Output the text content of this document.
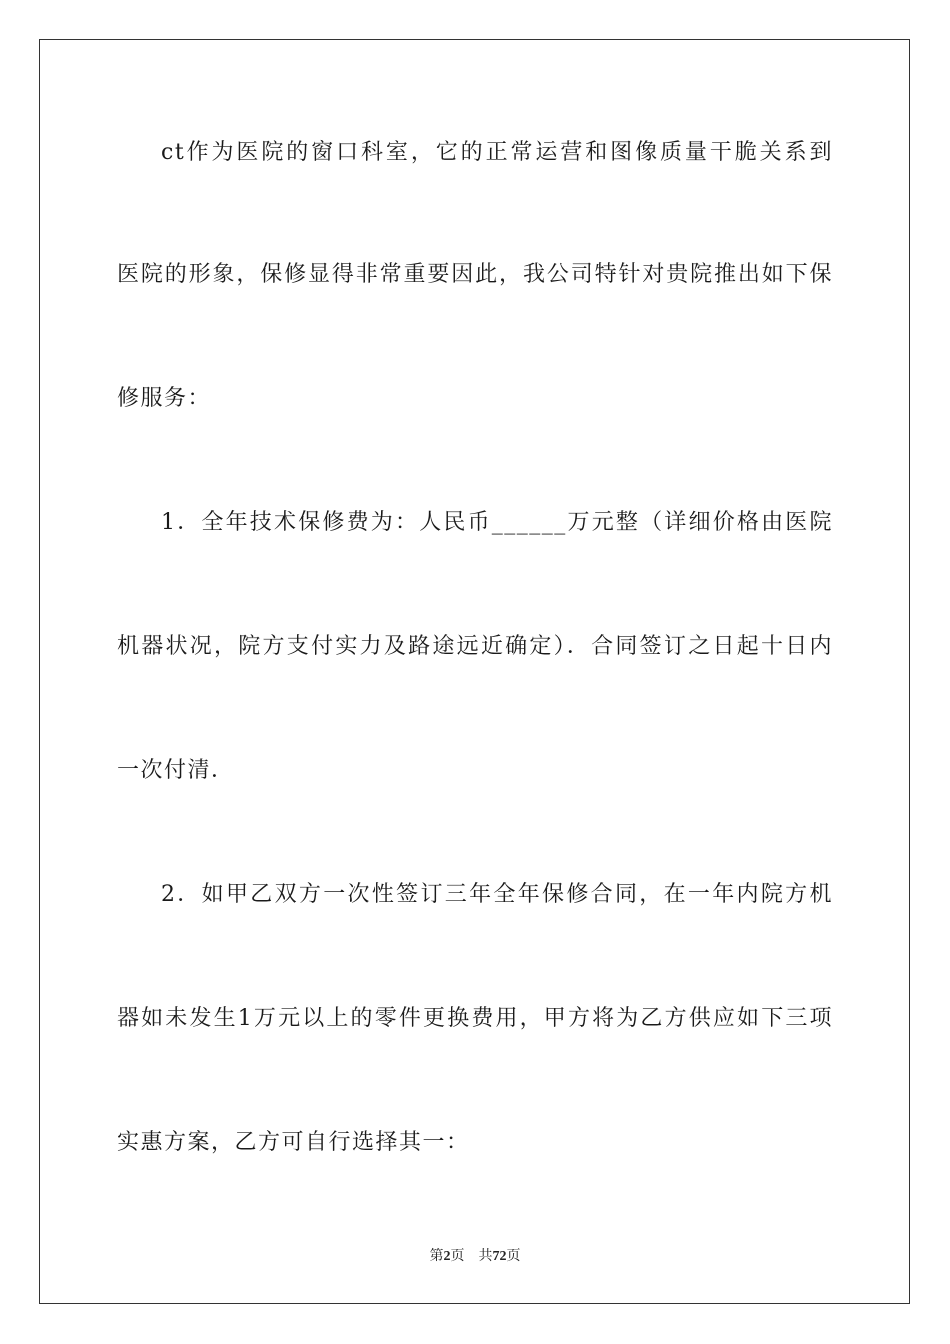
ct作为医院的窗口科室，它的正常运营和图像质量干脆关系到
医院的形象，保修显得非常重要因此，我公司特针对贵院推出如下保
修服务：
1．全年技术保修费为：人民币______万元整（详细价格由医院
机器状况，院方支付实力及路途远近确定）．合同签订之日起十日内
一次付清．
2．如甲乙双方一次性签订三年全年保修合同，在一年内院方机
器如未发生1万元以上的零件更换费用，甲方将为乙方供应如下三项
实惠方案，乙方可自行选择其一：
第2页 共72页
